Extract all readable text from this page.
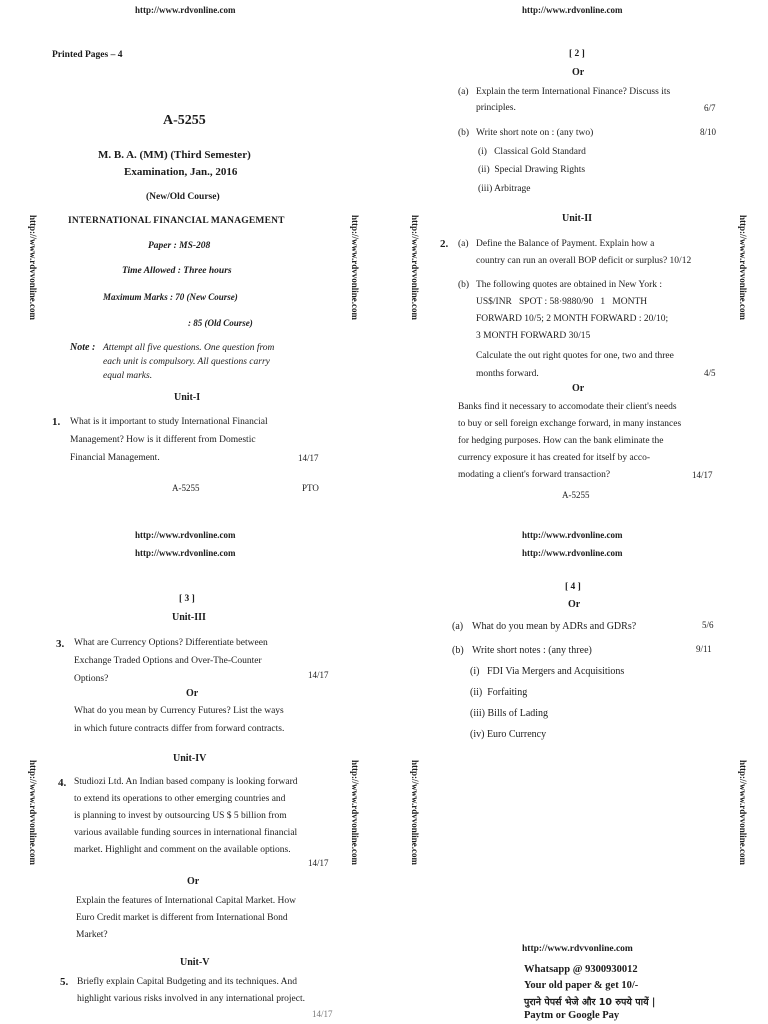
http://www.rdvonline.com	http://www.rdvonline.com
http://www.rdvvonline.com	http://www.rdvvonline.com	http://www.rdvvonline.com	http://www.rdvvonline.com
http://www.rdvvonline.com	http://www.rdvvonline.com	http://www.rdvvonline.com	http://www.rdvvonline.com
Printed Pages – 4
A-5255
M. B. A. (MM) (Third Semester)
Examination, Jan., 2016
(New/Old Course)
INTERNATIONAL FINANCIAL MANAGEMENT
Paper : MS-208
Time Allowed : Three hours
Maximum Marks : 70 (New Course)
: 85 (Old Course)
Note : Attempt all five questions. One question from
each unit is compulsory. All questions carry
equal marks.
Unit-I
1. What is it important to study International Financial
Management? How is it different from Domestic
Financial Management.	14/17
A-5255	PTO
[ 2 ]
Or
(a) Explain the term International Finance? Discuss its
principles.	6/7
(b) Write short note on : (any two)	8/10
(i)   Classical Gold Standard
(ii)  Special Drawing Rights
(iii) Arbitrage
Unit-II
2. (a) Define the Balance of Payment. Explain how a
country can run an overall BOP deficit or surplus? 10/12
(b) The following quotes are obtained in New York :
US$/INR   SPOT : 58·9880/90   1   MONTH
FORWARD 10/5; 2 MONTH FORWARD : 20/10;
3 MONTH FORWARD 30/15
Calculate the out right quotes for one, two and three
months forward.	4/5
Or
Banks find it necessary to accomodate their client's needs
to buy or sell foreign exchange forward, in many instances
for hedging purposes. How can the bank eliminate the
currency exposure it has created for itself by acco-
modating a client's forward transaction?	14/17
A-5255
http://www.rdvonline.com
http://www.rdvonline.com
http://www.rdvonline.com
http://www.rdvonline.com
[ 3 ]
Unit-III
3. What are Currency Options? Differentiate between
Exchange Traded Options and Over-The-Counter
Options?	14/17
Or
What do you mean by Currency Futures? List the ways
in which future contracts differ from forward contracts.
Unit-IV
4. Studiozi Ltd. An Indian based company is looking forward
to extend its operations to other emerging countries and
is planning to invest by outsourcing US $ 5 billion from
various available funding sources in international financial
market. Highlight and comment on the available options.
14/17
Or
Explain the features of International Capital Market. How
Euro Credit market is different from International Bond
Market?
Unit-V
5. Briefly explain Capital Budgeting and its techniques. And
highlight various risks involved in any international project.
14/17
[ 4 ]
Or
(a) What do you mean by ADRs and GDRs?	5/6
(b) Write short notes : (any three)	9/11
(i)   FDI Via Mergers and Acquisitions
(ii)  Forfaiting
(iii) Bills of Lading
(iv) Euro Currency
http://www.rdvvonline.com
Whatsapp @ 9300930012
Your old paper & get 10/-
पुराने पेपर्स भेजे और 10 रुपये पायें |
Paytm or Google Pay
